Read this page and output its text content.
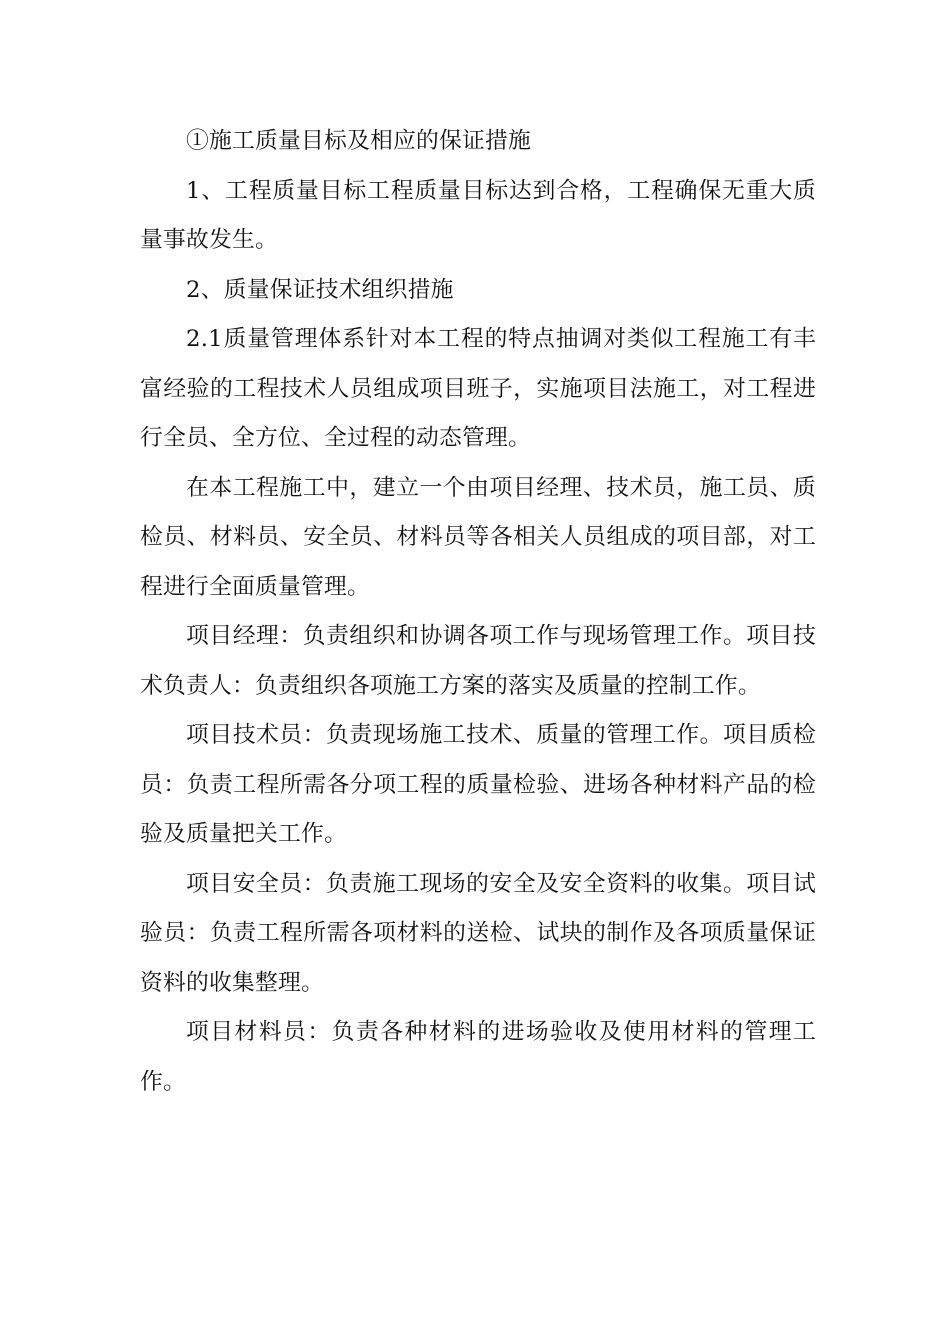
①施工质量目标及相应的保证措施

1、工程质量目标工程质量目标达到合格，工程确保无重大质量事故发生。

2、质量保证技术组织措施

2.1质量管理体系针对本工程的特点抽调对类似工程施工有丰富经验的工程技术人员组成项目班子，实施项目法施工，对工程进行全员、全方位、全过程的动态管理。

在本工程施工中，建立一个由项目经理、技术员，施工员、质检员、材料员、安全员、材料员等各相关人员组成的项目部，对工程进行全面质量管理。

项目经理：负责组织和协调各项工作与现场管理工作。项目技术负责人：负责组织各项施工方案的落实及质量的控制工作。

项目技术员：负责现场施工技术、质量的管理工作。项目质检员：负责工程所需各分项工程的质量检验、进场各种材料产品的检验及质量把关工作。

项目安全员：负责施工现场的安全及安全资料的收集。项目试验员：负责工程所需各项材料的送检、试块的制作及各项质量保证资料的收集整理。

项目材料员：负责各种材料的进场验收及使用材料的管理工作。
